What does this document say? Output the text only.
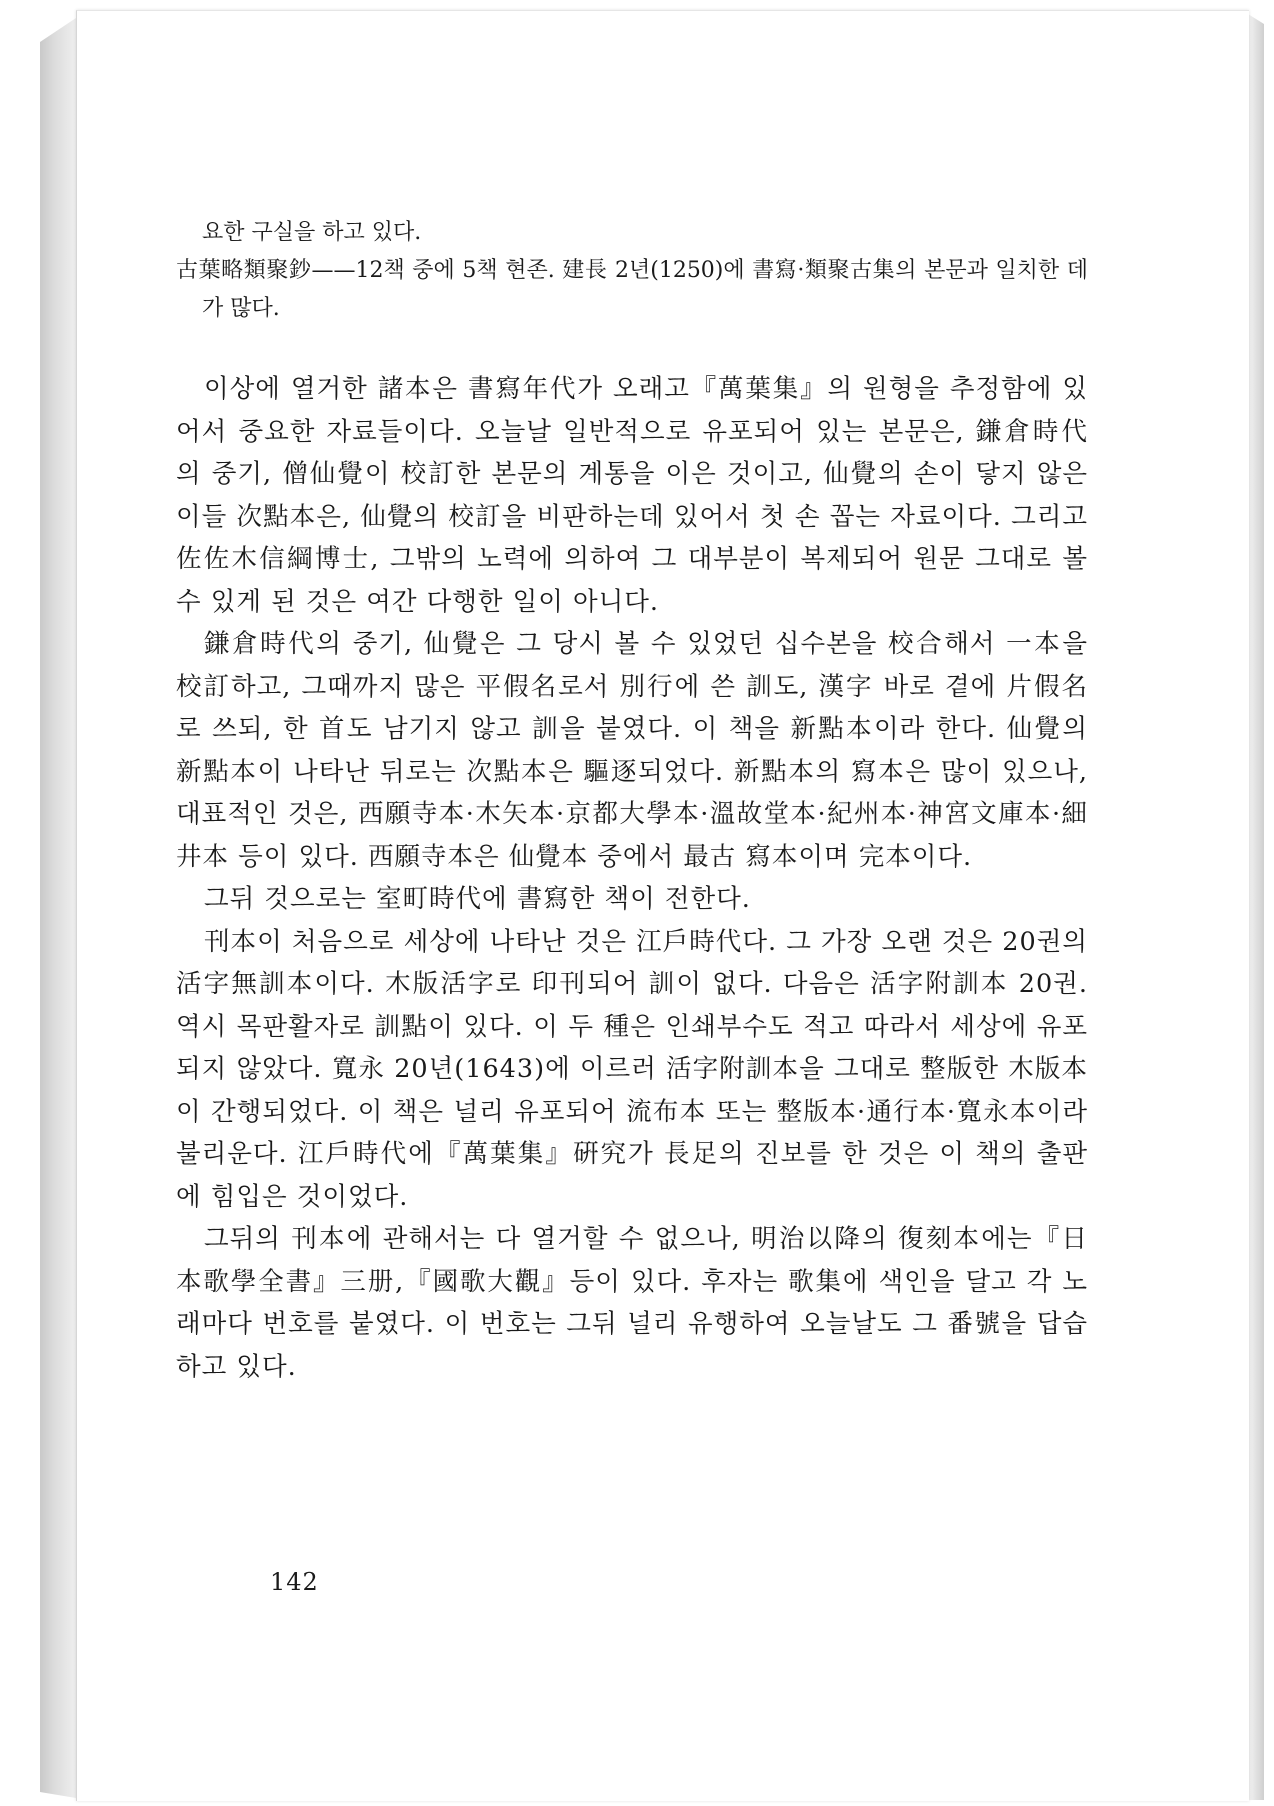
요한 구실을 하고 있다.

古葉略類聚鈔——12책 중에 5책 현존. 建長 2년(1250)에 書寫·類聚古集의 본문과 일치한 데가 많다.

이상에 열거한 諸本은 書寫年代가 오래고『萬葉集』의 원형을 추정함에 있어서 중요한 자료들이다. 오늘날 일반적으로 유포되어 있는 본문은, 鎌倉時代의 중기, 僧仙覺이 校訂한 본문의 계통을 이은 것이고, 仙覺의 손이 닿지 않은 이들 次點本은, 仙覺의 校訂을 비판하는데 있어서 첫 손 꼽는 자료이다. 그리고 佐佐木信綱博士, 그밖의 노력에 의하여 그 대부분이 복제되어 원문 그대로 볼 수 있게 된 것은 여간 다행한 일이 아니다.

鎌倉時代의 중기, 仙覺은 그 당시 볼 수 있었던 십수본을 校合해서 一本을 校訂하고, 그때까지 많은 平假名로서 別行에 쓴 訓도, 漢字 바로 곁에 片假名로 쓰되, 한 首도 남기지 않고 訓을 붙였다. 이 책을 新點本이라 한다. 仙覺의 新點本이 나타난 뒤로는 次點本은 驅逐되었다. 新點本의 寫本은 많이 있으나, 대표적인 것은, 西願寺本·木矢本·京都大學本·溫故堂本·紀州本·神宮文庫本·細井本 등이 있다. 西願寺本은 仙覺本 중에서 最古 寫本이며 完本이다.

그뒤 것으로는 室町時代에 書寫한 책이 전한다.

刊本이 처음으로 세상에 나타난 것은 江戶時代다. 그 가장 오랜 것은 20권의 活字無訓本이다. 木版活字로 印刊되어 訓이 없다. 다음은 活字附訓本 20권. 역시 목판활자로 訓點이 있다. 이 두 種은 인쇄부수도 적고 따라서 세상에 유포되지 않았다. 寬永 20년(1643)에 이르러 活字附訓本을 그대로 整版한 木版本이 간행되었다. 이 책은 널리 유포되어 流布本 또는 整版本·通行本·寬永本이라 불리운다. 江戶時代에『萬葉集』硏究가 長足의 진보를 한 것은 이 책의 출판에 힘입은 것이었다.

그뒤의 刊本에 관해서는 다 열거할 수 없으나, 明治以降의 復刻本에는『日本歌學全書』三册,『國歌大觀』등이 있다. 후자는 歌集에 색인을 달고 각 노래마다 번호를 붙였다. 이 번호는 그뒤 널리 유행하여 오늘날도 그 番號을 답습하고 있다.

142
